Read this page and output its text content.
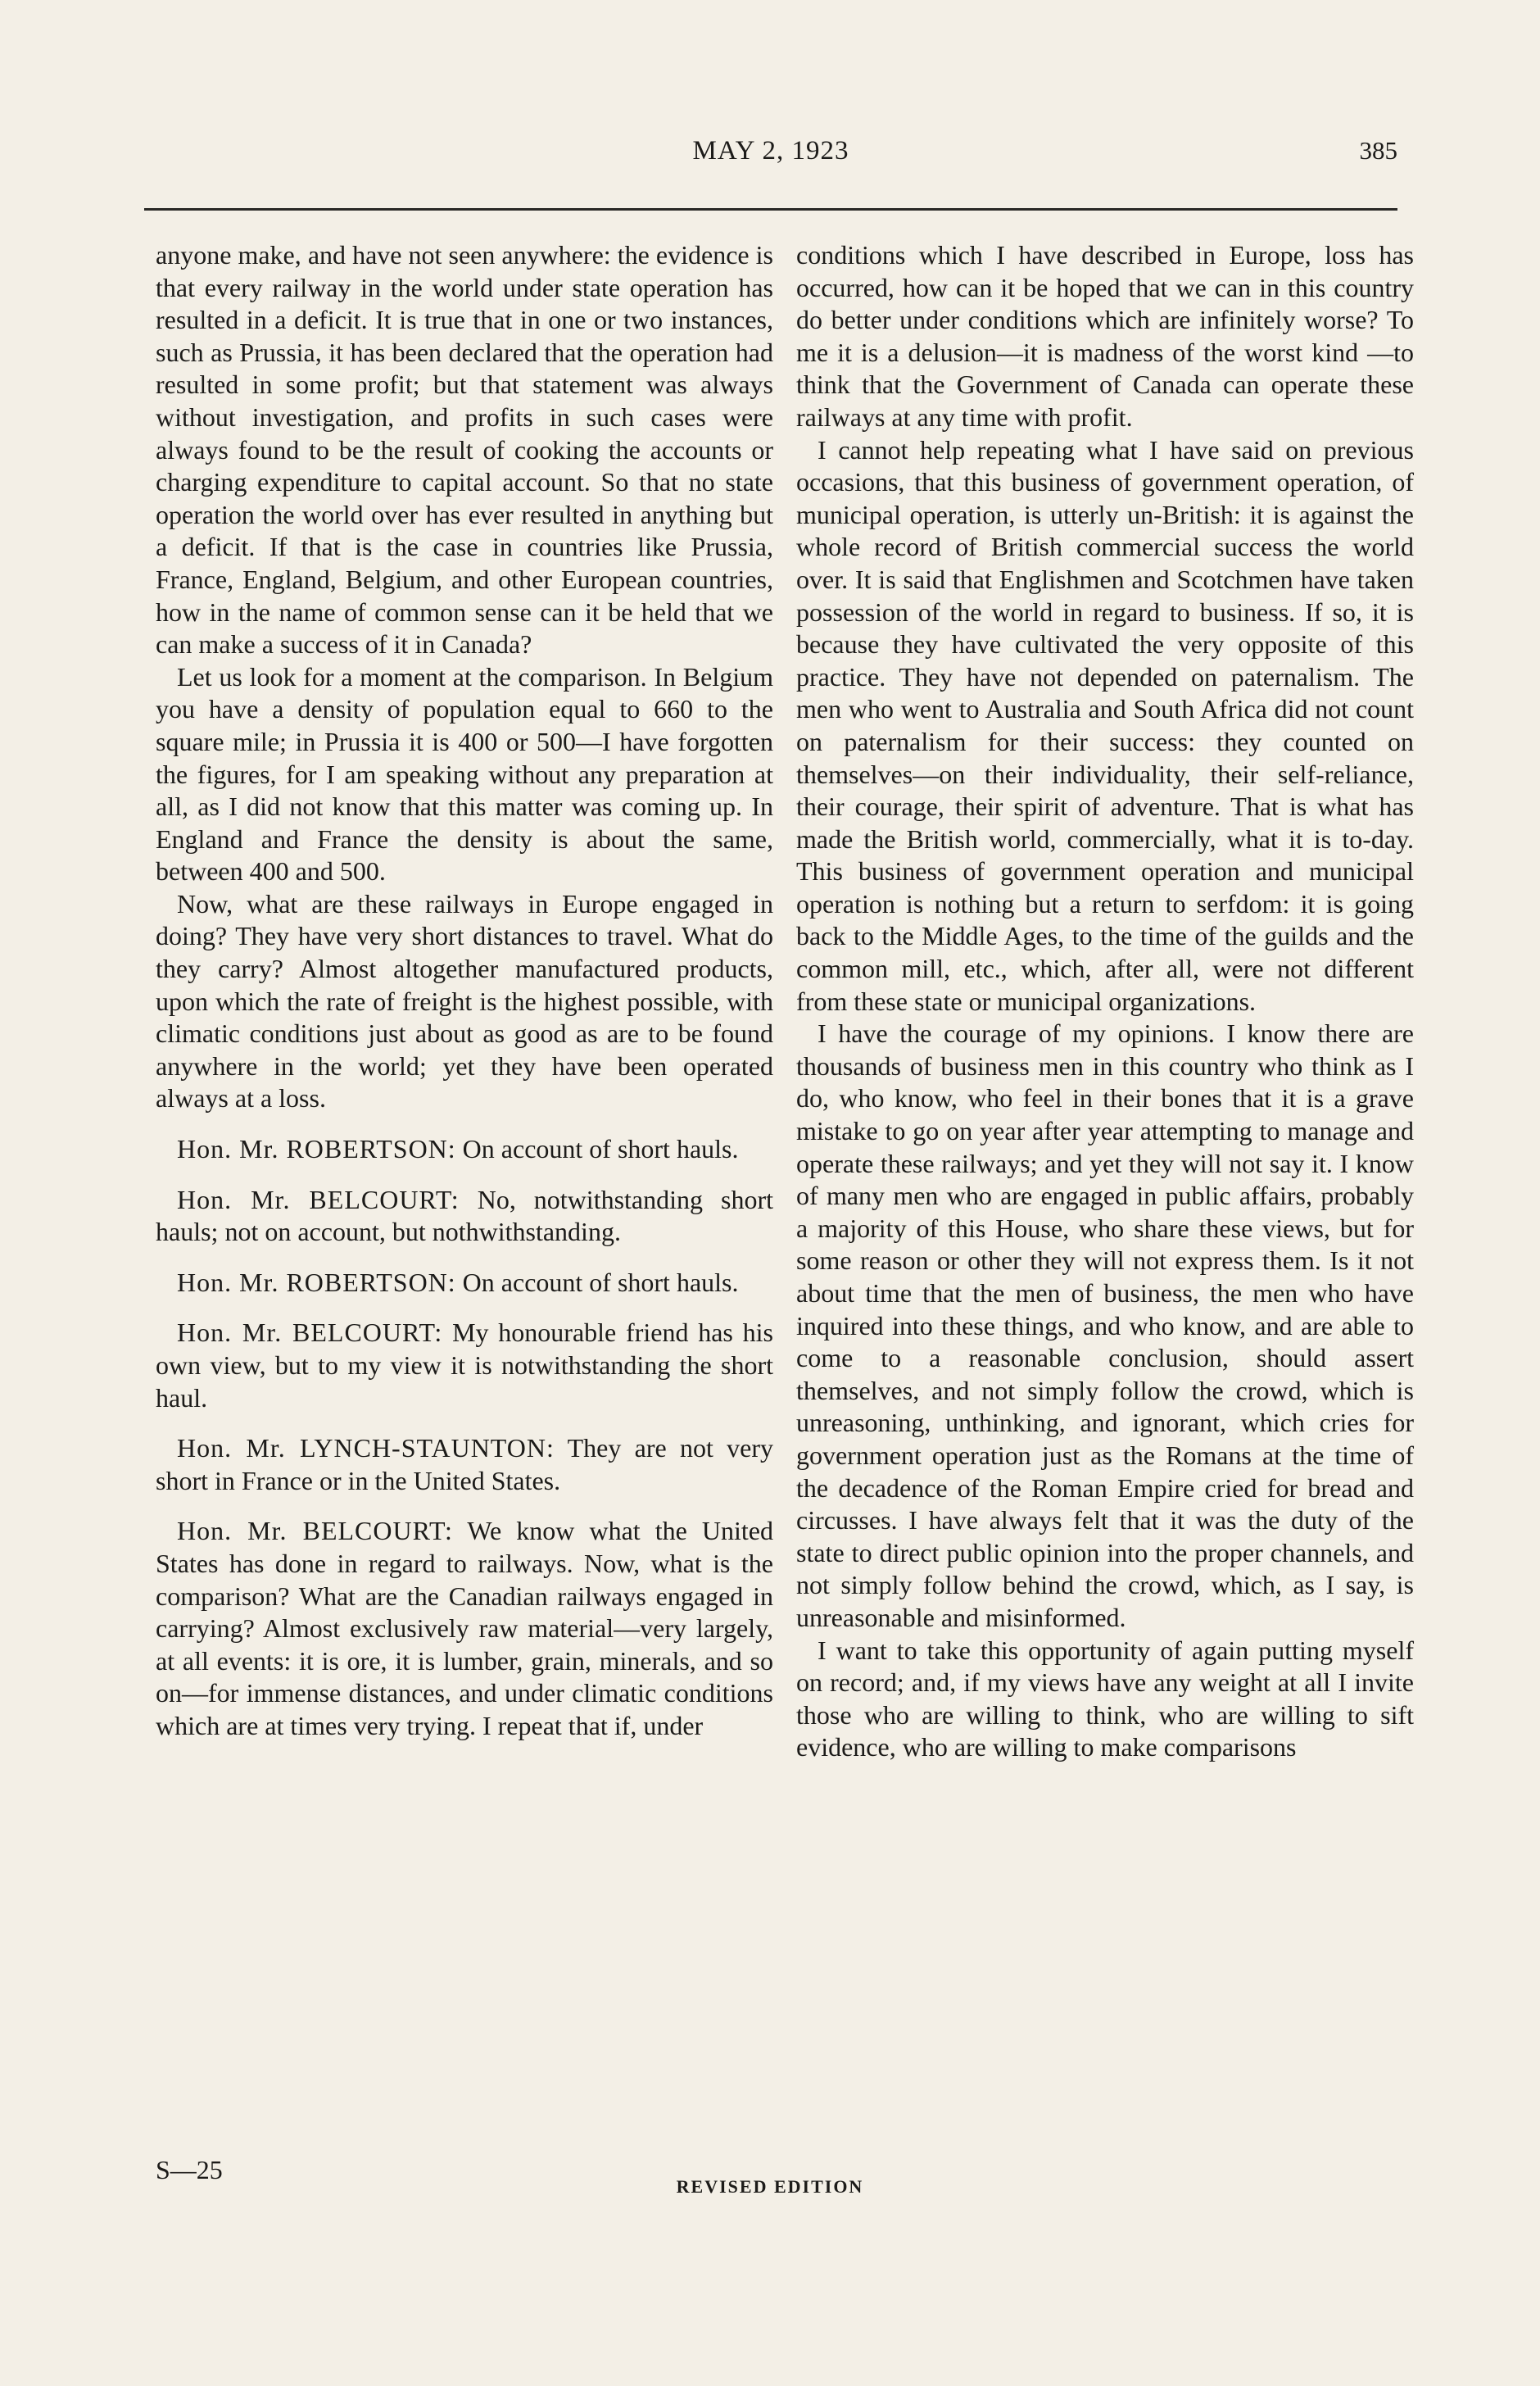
MAY 2, 1923	385

anyone make, and have not seen anywhere: the evidence is that every railway in the world under state operation has resulted in a deficit. It is true that in one or two instances, such as Prussia, it has been declared that the operation had resulted in some profit; but that statement was always without investigation, and profits in such cases were always found to be the result of cooking the accounts or charging expenditure to capital account. So that no state operation the world over has ever resulted in anything but a deficit. If that is the case in countries like Prussia, France, England, Belgium, and other European countries, how in the name of common sense can it be held that we can make a success of it in Canada?

Let us look for a moment at the comparison. In Belgium you have a density of population equal to 660 to the square mile; in Prussia it is 400 or 500—I have forgotten the figures, for I am speaking without any preparation at all, as I did not know that this matter was coming up. In England and France the density is about the same, between 400 and 500.

Now, what are these railways in Europe engaged in doing? They have very short distances to travel. What do they carry? Almost altogether manufactured products, upon which the rate of freight is the highest possible, with climatic conditions just about as good as are to be found anywhere in the world; yet they have been operated always at a loss.

Hon. Mr. ROBERTSON: On account of short hauls.

Hon. Mr. BELCOURT: No, notwithstanding short hauls; not on account, but nothwithstanding.

Hon. Mr. ROBERTSON: On account of short hauls.

Hon. Mr. BELCOURT: My honourable friend has his own view, but to my view it is notwithstanding the short haul.

Hon. Mr. LYNCH-STAUNTON: They are not very short in France or in the United States.

Hon. Mr. BELCOURT: We know what the United States has done in regard to railways. Now, what is the comparison? What are the Canadian railways engaged in carrying? Almost exclusively raw material—very largely, at all events: it is ore, it is lumber, grain, minerals, and so on—for immense distances, and under climatic conditions which are at times very trying. I repeat that if, under

conditions which I have described in Europe, loss has occurred, how can it be hoped that we can in this country do better under conditions which are infinitely worse? To me it is a delusion—it is madness of the worst kind —to think that the Government of Canada can operate these railways at any time with profit.

I cannot help repeating what I have said on previous occasions, that this business of government operation, of municipal operation, is utterly un-British: it is against the whole record of British commercial success the world over. It is said that Englishmen and Scotchmen have taken possession of the world in regard to business. If so, it is because they have cultivated the very opposite of this practice. They have not depended on paternalism. The men who went to Australia and South Africa did not count on paternalism for their success: they counted on themselves—on their individuality, their self-reliance, their courage, their spirit of adventure. That is what has made the British world, commercially, what it is to-day. This business of government operation and municipal operation is nothing but a return to serfdom: it is going back to the Middle Ages, to the time of the guilds and the common mill, etc., which, after all, were not different from these state or municipal organizations.

I have the courage of my opinions. I know there are thousands of business men in this country who think as I do, who know, who feel in their bones that it is a grave mistake to go on year after year attempting to manage and operate these railways; and yet they will not say it. I know of many men who are engaged in public affairs, probably a majority of this House, who share these views, but for some reason or other they will not express them. Is it not about time that the men of business, the men who have inquired into these things, and who know, and are able to come to a reasonable conclusion, should assert themselves, and not simply follow the crowd, which is unreasoning, unthinking, and ignorant, which cries for government operation just as the Romans at the time of the decadence of the Roman Empire cried for bread and circusses. I have always felt that it was the duty of the state to direct public opinion into the proper channels, and not simply follow behind the crowd, which, as I say, is unreasonable and misinformed.

I want to take this opportunity of again putting myself on record; and, if my views have any weight at all I invite those who are willing to think, who are willing to sift evidence, who are willing to make comparisons

S—25
REVISED EDITION
